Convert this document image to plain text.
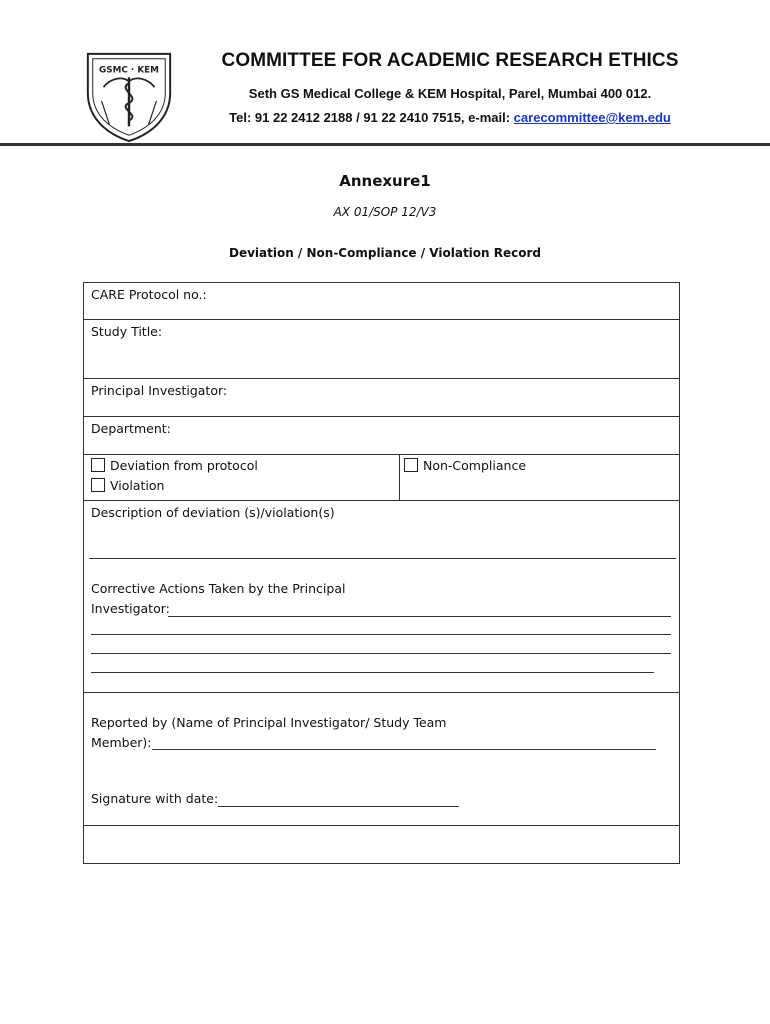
GSMC · KEM	COMMITTEE FOR ACADEMIC RESEARCH ETHICS
Seth GS Medical College & KEM Hospital, Parel, Mumbai 400 012.
Tel: 91 22 2412 2188 / 91 22 2410 7515, e-mail: carecommittee@kem.edu
Annexure1
AX 01/SOP 12/V3
Deviation / Non-Compliance / Violation Record
CARE Protocol no.:
Study Title:
Principal Investigator:
Department:
Deviation from protocol
Violation
Non-Compliance
Description of deviation (s)/violation(s)
Corrective Actions Taken by the Principal
Investigator:
Reported by (Name of Principal Investigator/ Study Team
Member):
Signature with date:
